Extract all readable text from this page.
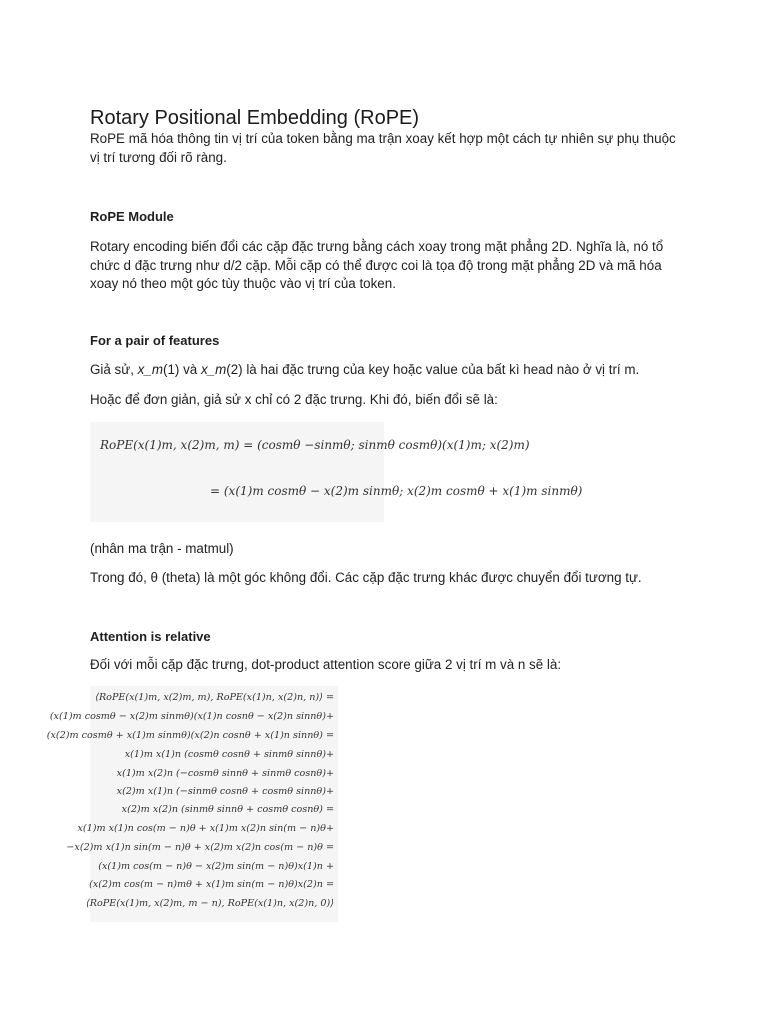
Rotary Positional Embedding (RoPE)

RoPE mã hóa thông tin vị trí của token bằng ma trận xoay kết hợp một cách tự nhiên sự phụ thuộc vị trí tương đối rõ ràng.

RoPE Module

Rotary encoding biến đổi các cặp đặc trưng bằng cách xoay trong mặt phẳng 2D. Nghĩa là, nó tổ chức d đặc trưng như d/2 cặp. Mỗi cặp có thể được coi là tọa độ trong mặt phẳng 2D và mã hóa xoay nó theo một góc tùy thuộc vào vị trí của token.

For a pair of features

Giả sử, x_m(1) và x_m(2) là hai đặc trưng của key hoặc value của bất kì head nào ở vị trí m.

Hoặc để đơn giản, giả sử x chỉ có 2 đặc trưng. Khi đó, biến đổi sẽ là:

RoPE(x(1)m, x(2)m, m) = (cosmθ −sinmθ; sinmθ cosmθ)(x(1)m; x(2)m)
= (x(1)m cosmθ − x(2)m sinmθ; x(2)m cosmθ + x(1)m sinmθ)

(nhân ma trận - matmul)

Trong đó, θ (theta) là một góc không đổi. Các cặp đặc trưng khác được chuyển đổi tương tự.

Attention is relative

Đối với mỗi cặp đặc trưng, dot-product attention score giữa 2 vị trí m và n sẽ là:

⟨RoPE(x(1)m, x(2)m, m), RoPE(x(1)n, x(2)n, n)⟩ =
(x(1)m cosmθ − x(2)m sinmθ)(x(1)n cosnθ − x(2)n sinnθ)+
(x(2)m cosmθ + x(1)m sinmθ)(x(2)n cosnθ + x(1)n sinnθ) =
x(1)m x(1)n (cosmθ cosnθ + sinmθ sinnθ)+
x(1)m x(2)n (−cosmθ sinnθ + sinmθ cosnθ)+
x(2)m x(1)n (−sinmθ cosnθ + cosmθ sinnθ)+
x(2)m x(2)n (sinmθ sinnθ + cosmθ cosnθ) =
x(1)m x(1)n cos(m − n)θ + x(1)m x(2)n sin(m − n)θ+
−x(2)m x(1)n sin(m − n)θ + x(2)m x(2)n cos(m − n)θ =
(x(1)m cos(m − n)θ − x(2)m sin(m − n)θ)x(1)n +
(x(2)m cos(m − n)mθ + x(1)m sin(m − n)θ)x(2)n =
⟨RoPE(x(1)m, x(2)m, m − n), RoPE(x(1)n, x(2)n, 0)⟩
